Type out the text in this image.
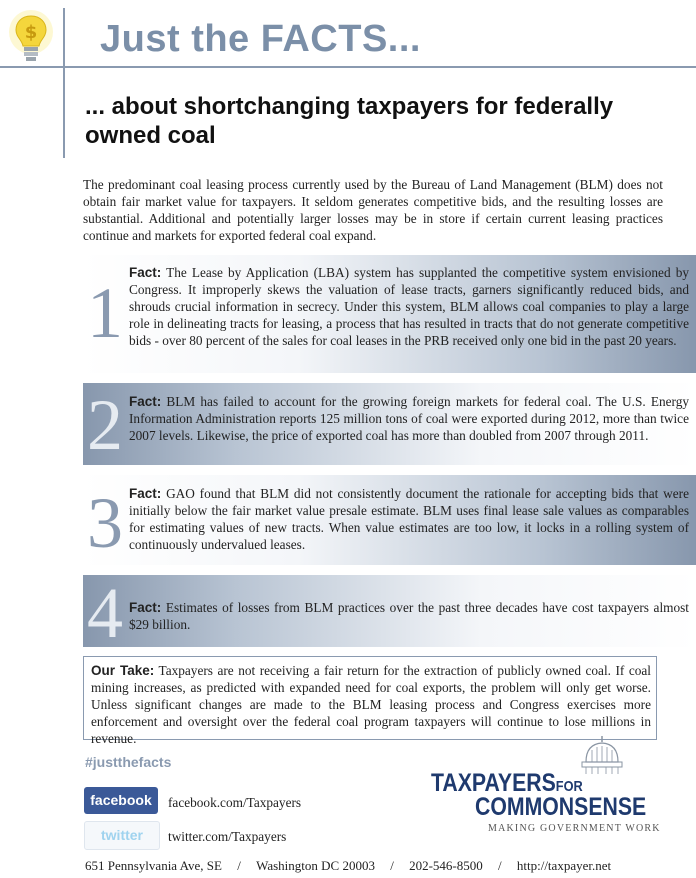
$ Just the FACTS...
... about shortchanging taxpayers for federally owned coal
The predominant coal leasing process currently used by the Bureau of Land Management (BLM) does not obtain fair market value for taxpayers. It seldom generates competitive bids, and the resulting losses are substantial. Additional and potentially larger losses may be in store if certain current leasing practices continue and markets for exported federal coal expand.
1
Fact: The Lease by Application (LBA) system has supplanted the competitive system envisioned by Congress. It improperly skews the valuation of lease tracts, garners significantly reduced bids, and shrouds crucial information in secrecy. Under this system, BLM allows coal companies to play a large role in delineating tracts for leasing, a process that has resulted in tracts that do not generate competitive bids - over 80 percent of the sales for coal leases in the PRB received only one bid in the past 20 years.
2 Fact: BLM has failed to account for the growing foreign markets for federal coal. The U.S. Energy Information Administration reports 125 million tons of coal were exported during 2012, more than twice 2007 levels. Likewise, the price of exported coal has more than doubled from 2007 through 2011.
3 Fact: GAO found that BLM did not consistently document the rationale for accepting bids that were initially below the fair market value presale estimate. BLM uses final lease sale values as comparables for estimating values of new tracts. When value estimates are too low, it locks in a rolling system of continuously undervalued leases.
4 Fact: Estimates of losses from BLM practices over the past three decades have cost taxpayers almost $29 billion.
Our Take: Taxpayers are not receiving a fair return for the extraction of publicly owned coal. If coal mining increases, as predicted with expanded need for coal exports, the problem will only get worse. Unless significant changes are made to the BLM leasing process and Congress exercises more enforcement and oversight over the federal coal program taxpayers will continue to lose millions in revenue.
#justthefacts
facebook	facebook.com/Taxpayers
twitter	twitter.com/Taxpayers
TAXPAYERSFOR
COMMONSENSE
MAKING GOVERNMENT WORK
651 Pennsylvania Ave, SE / Washington DC 20003 / 202-546-8500 / http://taxpayer.net
